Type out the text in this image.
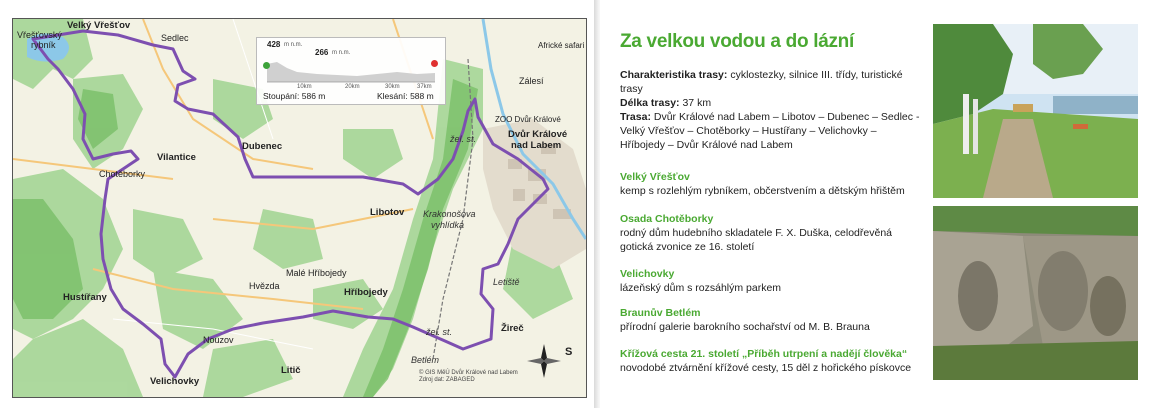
Velký Vřešťov
Vřešťovský
rybník
Sedlec
Africké safari
Zálesí
ZOO Dvůr Králové
žel. st.	Dvůr Králové
nad Labem
Vilantice
Chotěborky
Dubenec
Libotov Krakonošova
vyhlídka
Malé Hříbojedy
Hvězda
Hříbojedy
Letiště
Hustířany
Nouzov
žel. st.	Žireč
Betlém
Velichovky
Litič
428 m n.m.
266 m n.m.
10km	20km	30km	37km
Stoupání: 586 m	Klesání: 588 m
S
© GIS MěÚ Dvůr Králové nad Labem
Zdroj dat: ZABAGED
Za velkou vodou a do lázní
Charakteristika trasy: cyklostezky, silnice III. třídy, turistické trasy
Délka trasy: 37 km
Trasa: Dvůr Králové nad Labem – Libotov – Dubenec – Sedlec - Velký Vřešťov – Chotěborky – Hustířany – Velichovky – Hříbojedy – Dvůr Králové nad Labem
Velký Vřešťov
kemp s rozlehlým rybníkem, občerstvením a dětským hřištěm
Osada Chotěborky
rodný dům hudebního skladatele F. X. Duška, celodřevěná gotická zvonice ze 16. století
Velichovky
lázeňský dům s rozsáhlým parkem
Braunův Betlém
přírodní galerie barokního sochařství od M. B. Brauna
Křížová cesta 21. století „Příběh utrpení a nadějí člověka“
novodobé ztvárnění křížové cesty, 15 děl z hořického pískovce
